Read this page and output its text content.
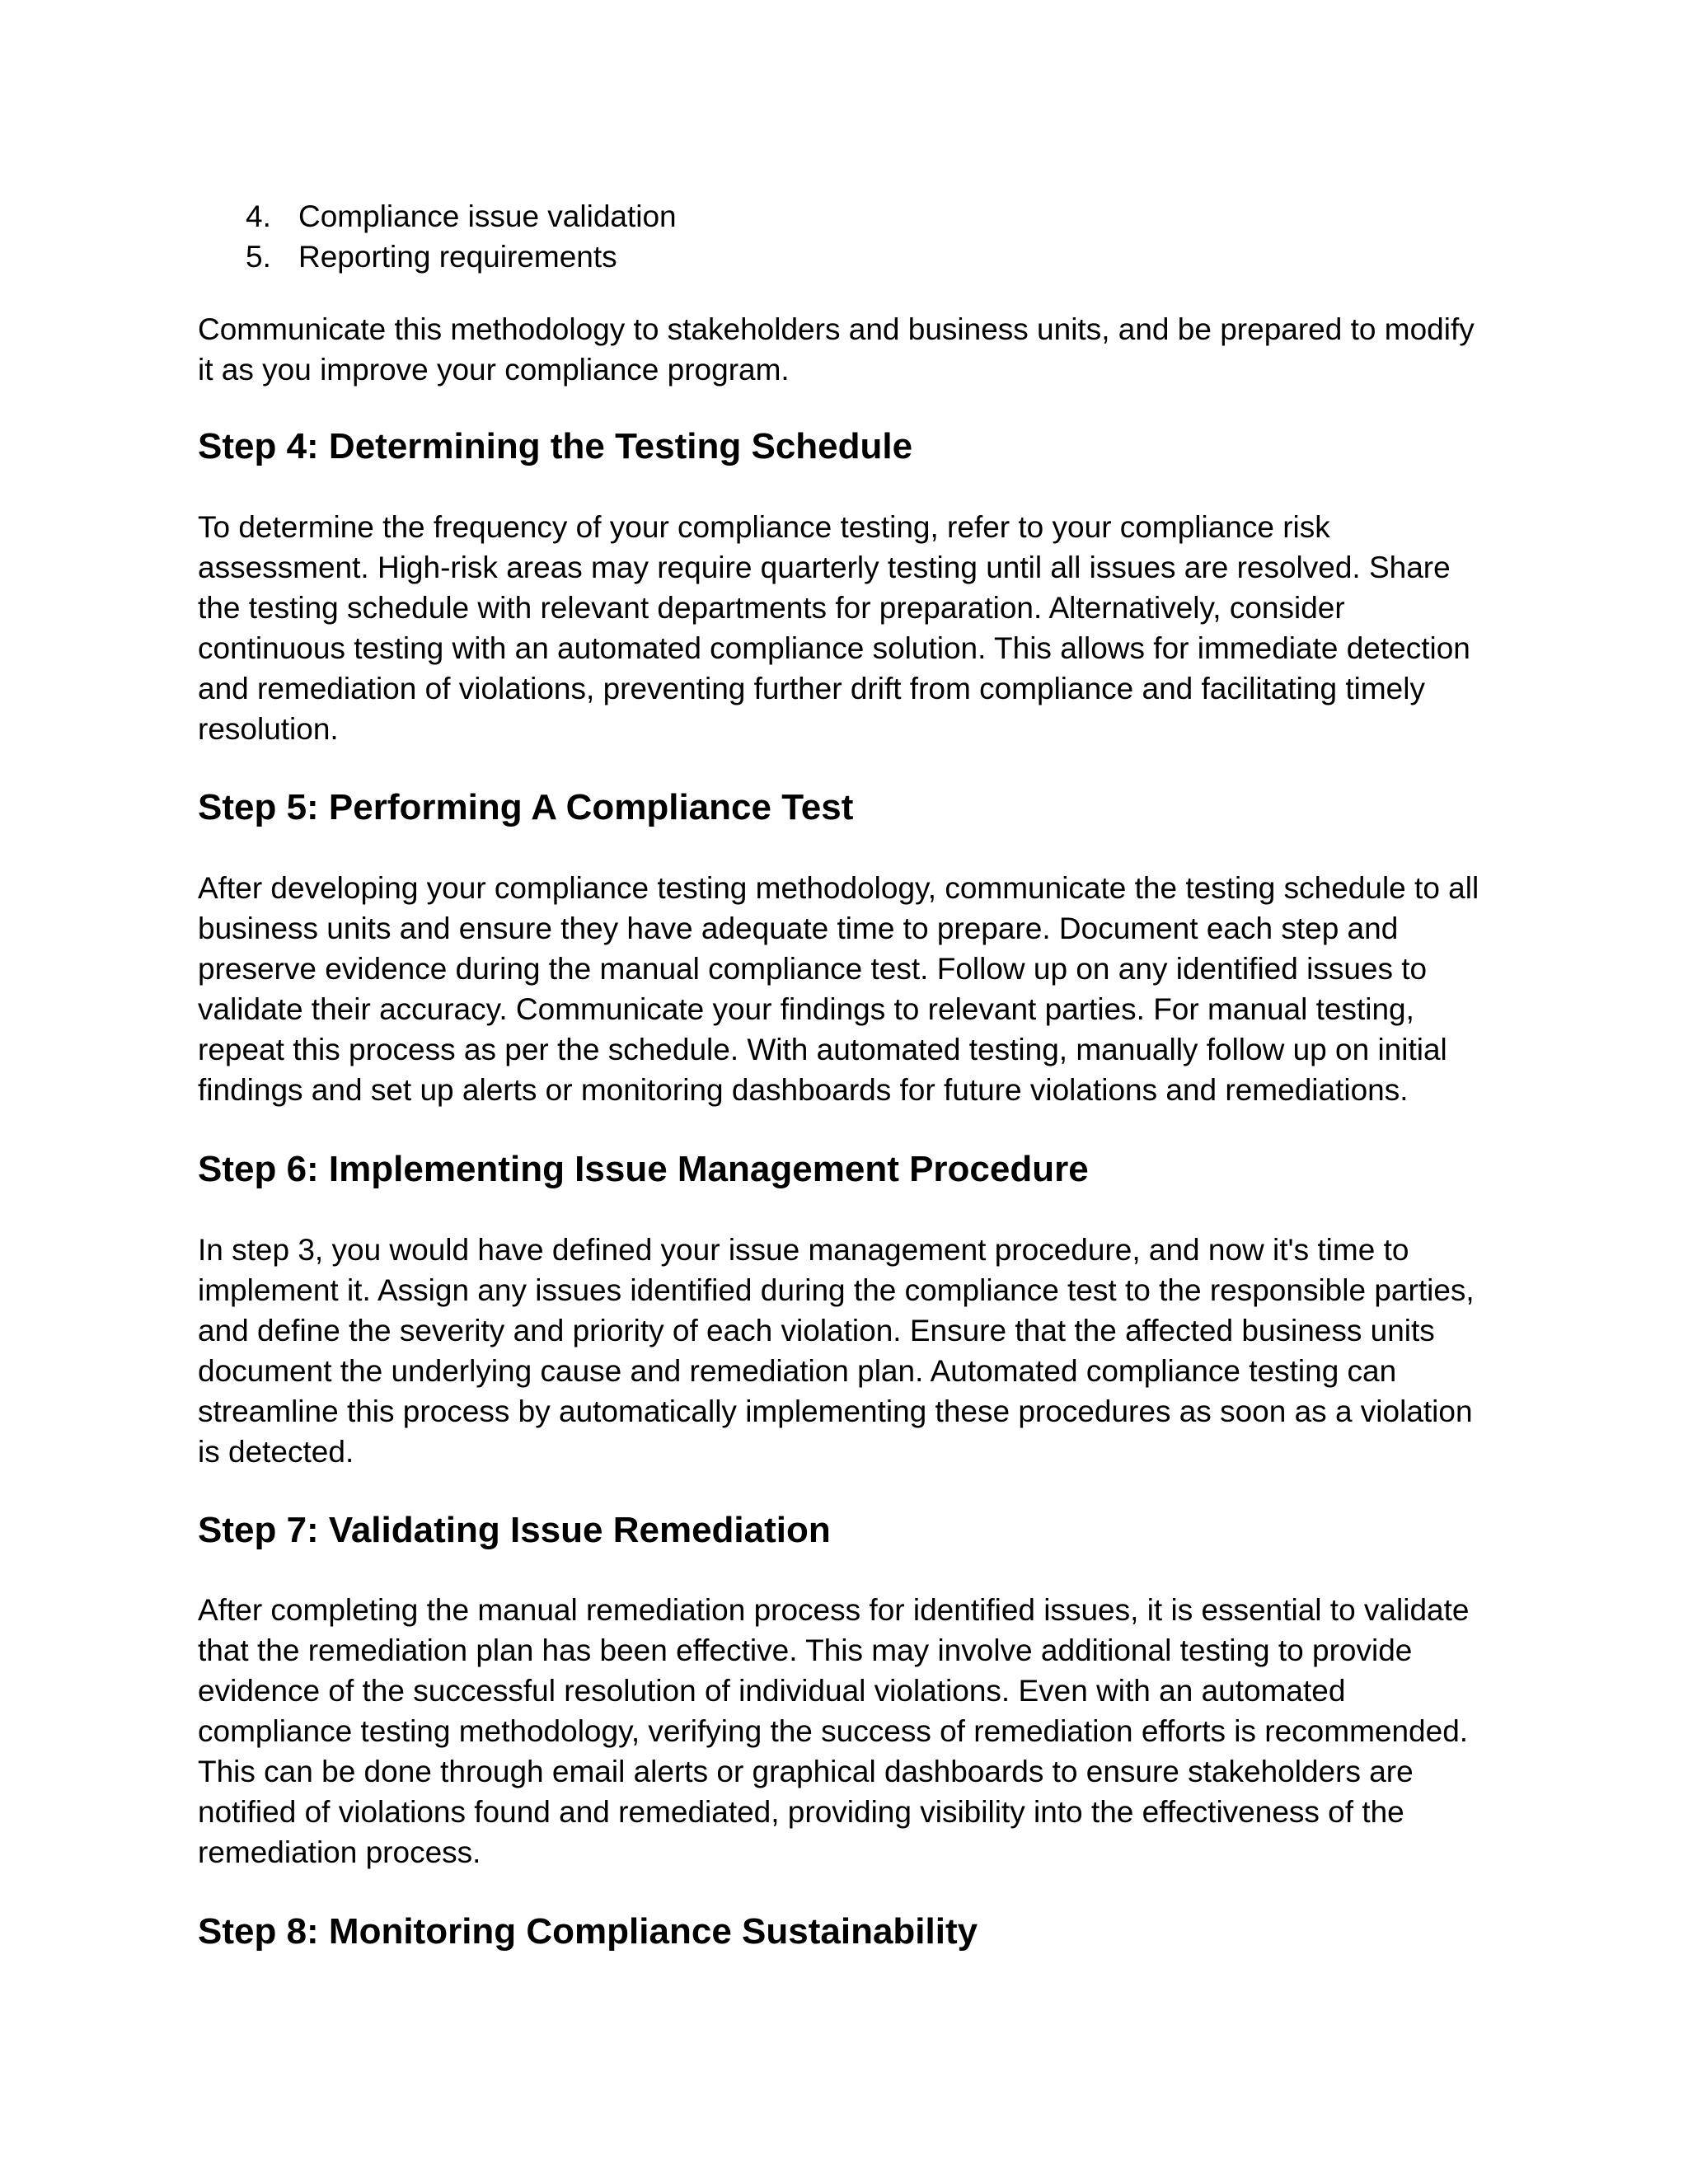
4. Compliance issue validation
5. Reporting requirements

Communicate this methodology to stakeholders and business units, and be prepared to modify
it as you improve your compliance program.

Step 4: Determining the Testing Schedule

To determine the frequency of your compliance testing, refer to your compliance risk
assessment. High-risk areas may require quarterly testing until all issues are resolved. Share
the testing schedule with relevant departments for preparation. Alternatively, consider
continuous testing with an automated compliance solution. This allows for immediate detection
and remediation of violations, preventing further drift from compliance and facilitating timely
resolution.

Step 5: Performing A Compliance Test

After developing your compliance testing methodology, communicate the testing schedule to all
business units and ensure they have adequate time to prepare. Document each step and
preserve evidence during the manual compliance test. Follow up on any identified issues to
validate their accuracy. Communicate your findings to relevant parties. For manual testing,
repeat this process as per the schedule. With automated testing, manually follow up on initial
findings and set up alerts or monitoring dashboards for future violations and remediations.

Step 6: Implementing Issue Management Procedure

In step 3, you would have defined your issue management procedure, and now it's time to
implement it. Assign any issues identified during the compliance test to the responsible parties,
and define the severity and priority of each violation. Ensure that the affected business units
document the underlying cause and remediation plan. Automated compliance testing can
streamline this process by automatically implementing these procedures as soon as a violation
is detected.

Step 7: Validating Issue Remediation

After completing the manual remediation process for identified issues, it is essential to validate
that the remediation plan has been effective. This may involve additional testing to provide
evidence of the successful resolution of individual violations. Even with an automated
compliance testing methodology, verifying the success of remediation efforts is recommended.
This can be done through email alerts or graphical dashboards to ensure stakeholders are
notified of violations found and remediated, providing visibility into the effectiveness of the
remediation process.

Step 8: Monitoring Compliance Sustainability
